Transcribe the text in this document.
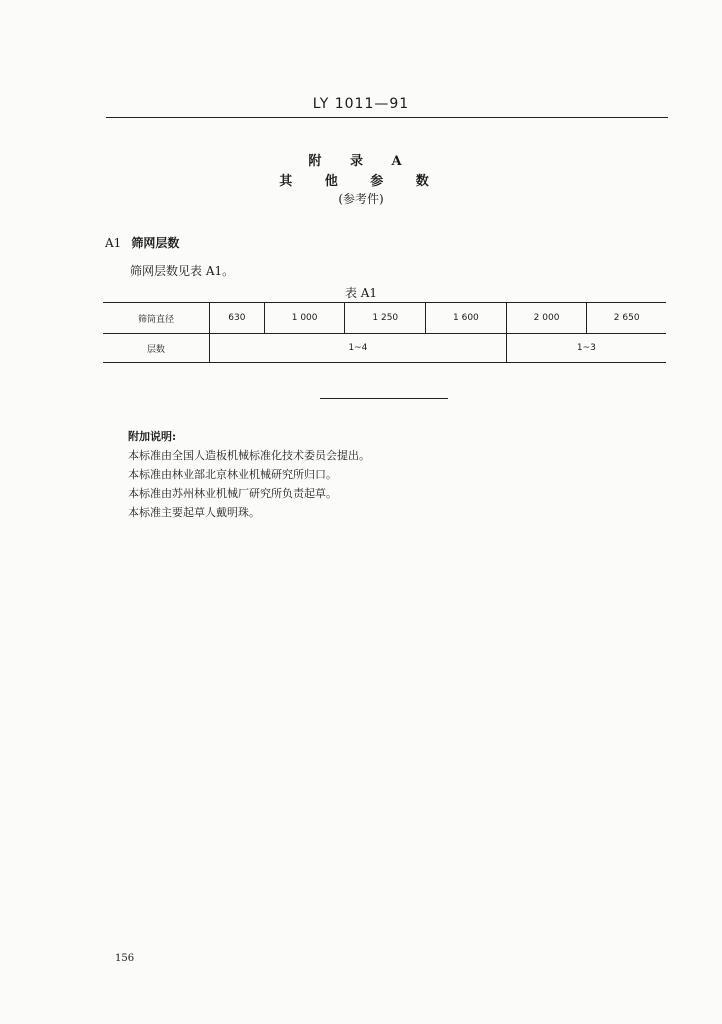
LY 1011—91
附 录 A
其 他 参 数
(参考件)
A1 筛网层数
筛网层数见表 A1。
表 A1
筛筒直径	630	1 000	1 250	1 600	2 000	2 650
层数	1~4				1~3	
附加说明:
本标准由全国人造板机械标准化技术委员会提出。
本标准由林业部北京林业机械研究所归口。
本标准由苏州林业机械厂研究所负责起草。
本标准主要起草人戴明珠。
156
